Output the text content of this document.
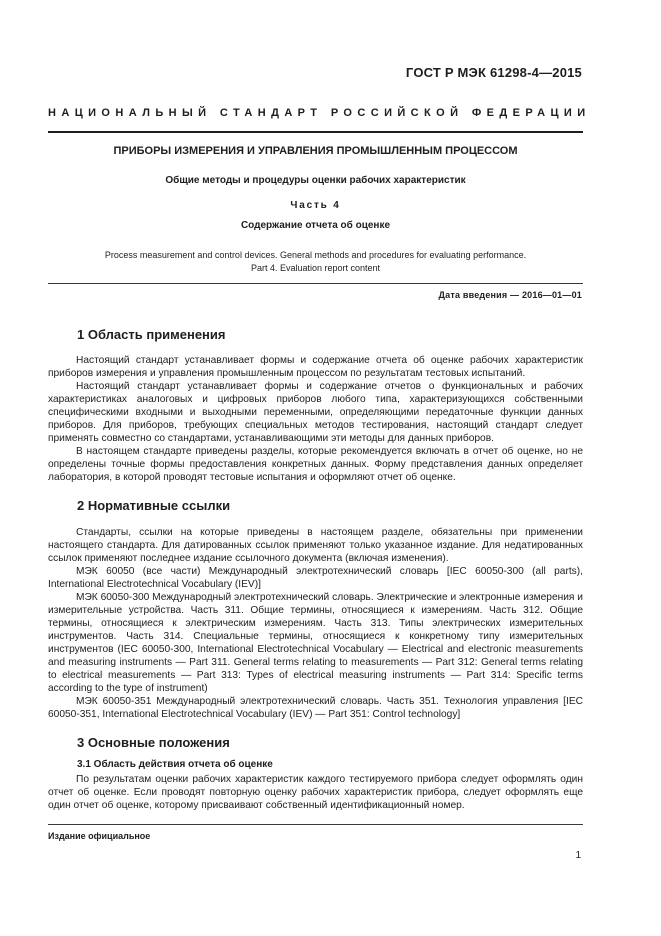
ГОСТ Р МЭК 61298-4—2015
НАЦИОНАЛЬНЫЙ СТАНДАРТ РОССИЙСКОЙ ФЕДЕРАЦИИ
ПРИБОРЫ ИЗМЕРЕНИЯ И УПРАВЛЕНИЯ ПРОМЫШЛЕННЫМ ПРОЦЕССОМ
Общие методы и процедуры оценки рабочих характеристик
Часть 4
Содержание отчета об оценке
Process measurement and control devices. General methods and procedures for evaluating performance.
Part 4. Evaluation report content
Дата введения — 2016—01—01
1 Область применения
Настоящий стандарт устанавливает формы и содержание отчета об оценке рабочих характеристик приборов измерения и управления промышленным процессом по результатам тестовых испытаний.
Настоящий стандарт устанавливает формы и содержание отчетов о функциональных и рабочих характеристиках аналоговых и цифровых приборов любого типа, характеризующихся собственными специфическими входными и выходными переменными, определяющими передаточные функции данных приборов. Для приборов, требующих специальных методов тестирования, настоящий стандарт следует применять совместно со стандартами, устанавливающими эти методы для данных приборов.
В настоящем стандарте приведены разделы, которые рекомендуется включать в отчет об оценке, но не определены точные формы предоставления конкретных данных. Форму представления данных определяет лаборатория, в которой проводят тестовые испытания и оформляют отчет об оценке.
2 Нормативные ссылки
Стандарты, ссылки на которые приведены в настоящем разделе, обязательны при применении настоящего стандарта. Для датированных ссылок применяют только указанное издание. Для недатированных ссылок применяют последнее издание ссылочного документа (включая изменения).
МЭК 60050 (все части) Международный электротехнический словарь [IEC 60050-300 (all parts), International Electrotechnical Vocabulary (IEV)]
МЭК 60050-300 Международный электротехнический словарь. Электрические и электронные измерения и измерительные устройства. Часть 311. Общие термины, относящиеся к измерениям. Часть 312. Общие термины, относящиеся к электрическим измерениям. Часть 313. Типы электрических измерительных инструментов. Часть 314. Специальные термины, относящиеся к конкретному типу измерительных инструментов (IEC 60050-300, International Electrotechnical Vocabulary — Electrical and electronic measurements and measuring instruments — Part 311. General terms relating to measurements — Part 312: General terms relating to electrical measurements — Part 313: Types of electrical measuring instruments — Part 314: Specific terms according to the type of instrument)
МЭК 60050-351 Международный электротехнический словарь. Часть 351. Технология управления [IEC 60050-351, International Electrotechnical Vocabulary (IEV) — Part 351: Control technology]
3 Основные положения
3.1 Область действия отчета об оценке
По результатам оценки рабочих характеристик каждого тестируемого прибора следует оформлять один отчет об оценке. Если проводят повторную оценку рабочих характеристик прибора, следует оформлять еще один отчет об оценке, которому присваивают собственный идентификационный номер.
Издание официальное
1
